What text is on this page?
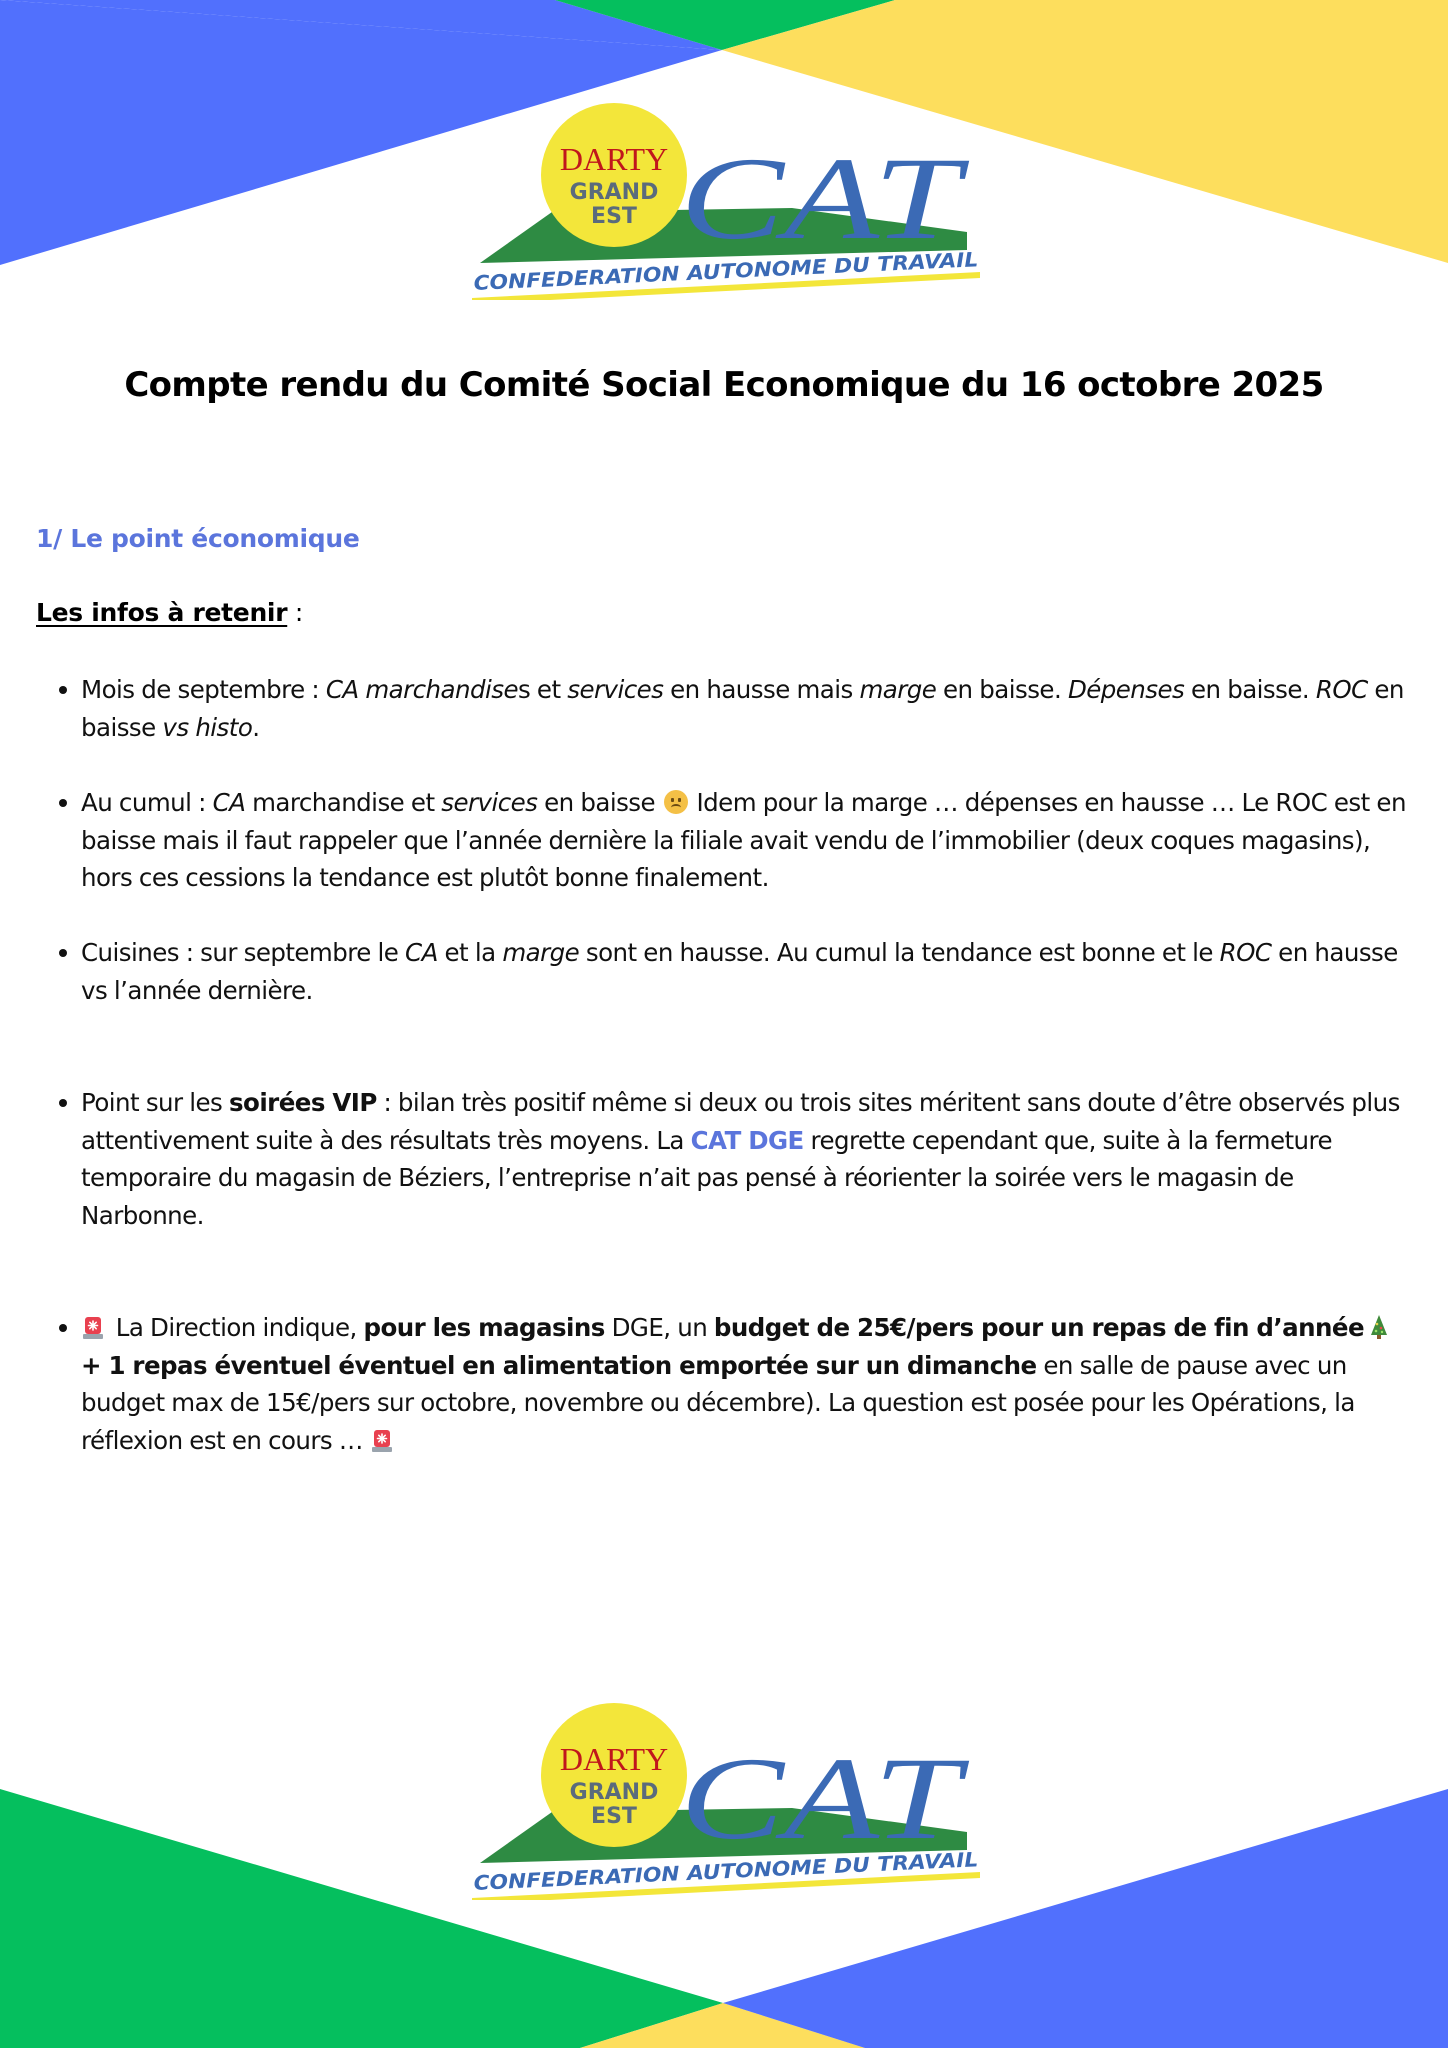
DARTY
GRAND
EST CAT
CONFEDERATION AUTONOME DU TRAVAIL
DARTY
GRAND
EST CAT
CONFEDERATION AUTONOME DU TRAVAIL
Compte rendu du Comité Social Economique du 16 octobre 2025
1/ Le point économique
Les infos à retenir :
Mois de septembre : CA marchandises et services en hausse mais marge en baisse. Dépenses en baisse. ROC en baisse vs histo.
Au cumul : CA marchandise et services en baisse
Idem pour la marge … dépenses en hausse … Le ROC est en baisse mais il faut rappeler que l’année dernière la filiale avait vendu de l’immobilier (deux coques magasins), hors ces cessions la tendance est plutôt bonne finalement.
Cuisines : sur septembre le CA et la marge sont en hausse. Au cumul la tendance est bonne et le ROC en hausse vs l’année dernière.
Point sur les soirées VIP : bilan très positif même si deux ou trois sites méritent sans doute d’être observés plus attentivement suite à des résultats très moyens. La CAT DGE regrette cependant que, suite à la fermeture temporaire du magasin de Béziers, l’entreprise n’ait pas pensé à réorienter la soirée vers le magasin de Narbonne.
La Direction indique, pour les magasins DGE, un budget de 25€/pers pour un repas de fin d’année
+ 1 repas éventuel éventuel en alimentation emportée sur un dimanche en salle de pause avec un budget max de 15€/pers sur octobre, novembre ou décembre). La question est posée pour les Opérations, la réflexion est en cours …
